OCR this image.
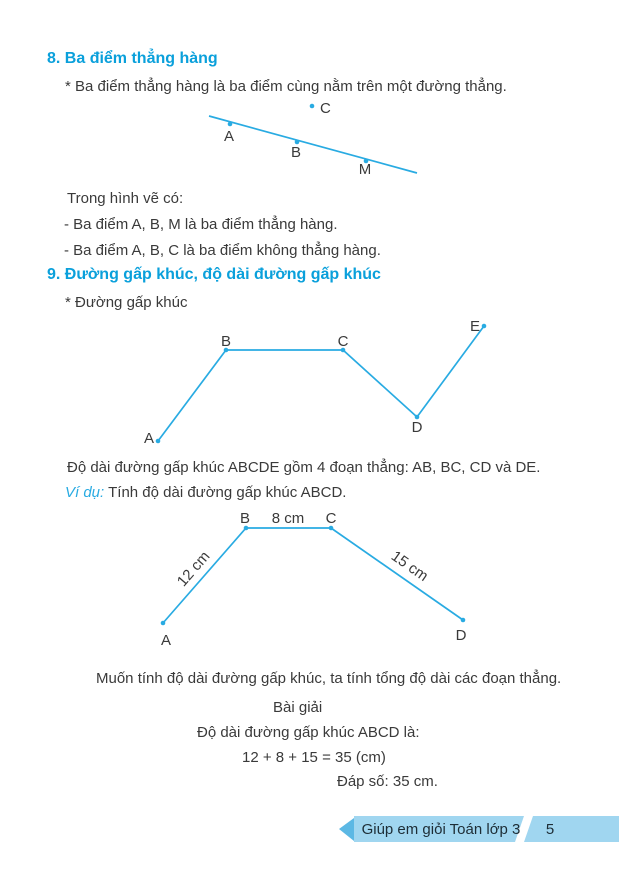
8. Ba điểm thẳng hàng
* Ba điểm thẳng hàng là ba điểm cùng nằm trên một đường thẳng.
C
A
B
M
Trong hình vẽ có:
- Ba điểm A, B, M là ba điểm thẳng hàng.
- Ba điểm A, B, C là ba điểm không thẳng hàng.
9. Đường gấp khúc, độ dài đường gấp khúc
* Đường gấp khúc
A
B	C
D
E
Độ dài đường gấp khúc ABCDE gồm 4 đoạn thẳng: AB, BC, CD và DE.
Ví dụ: Tính độ dài đường gấp khúc ABCD.
B 8 cm C
A	D
12 cm	15 cm
Muốn tính độ dài đường gấp khúc, ta tính tổng độ dài các đoạn thẳng.
Bài giải
Độ dài đường gấp khúc ABCD là:
12 + 8 + 15 = 35 (cm)
Đáp số: 35 cm.
Giúp em giỏi Toán lớp 3 5
